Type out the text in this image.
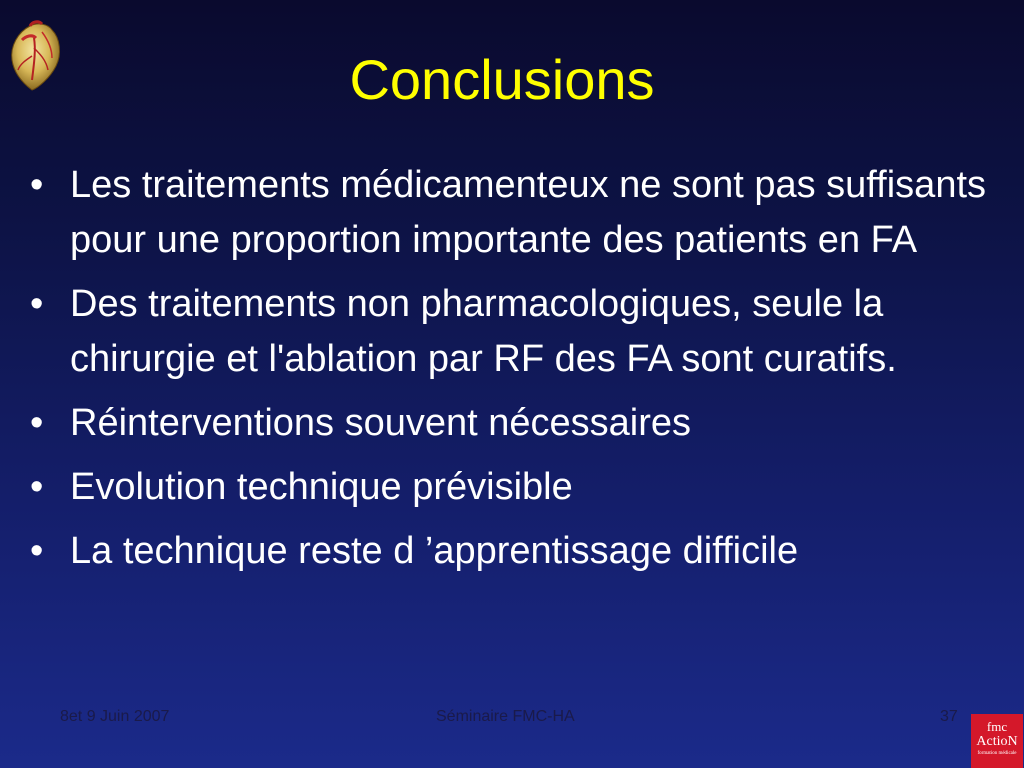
Conclusions
• Les traitements médicamenteux ne sont pas suffisants pour une proportion importante des patients en FA
• Des traitements non pharmacologiques, seule la chirurgie et l'ablation par RF des FA sont curatifs.
• Réinterventions souvent nécessaires
• Evolution technique prévisible
• La technique reste d ’apprentissage difficile
8et 9 Juin 2007	Séminaire FMC-HA	37
fmc
ActioN
formation médicale
